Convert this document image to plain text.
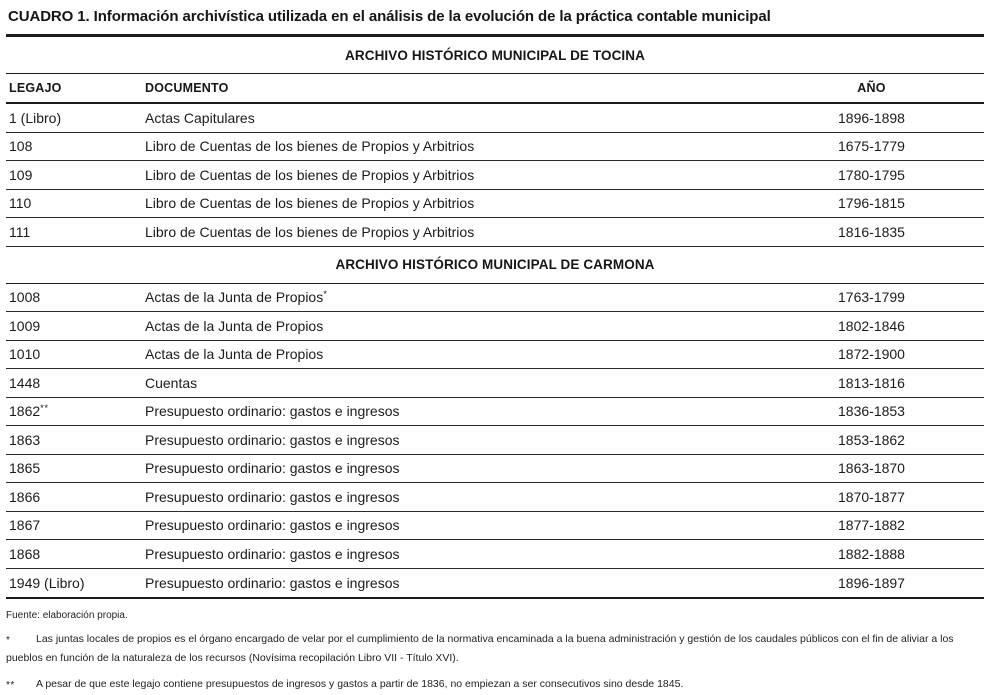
CUADRO 1. Información archivística utilizada en el análisis de la evolución de la práctica contable municipal
ARCHIVO HISTÓRICO MUNICIPAL DE TOCINA
LEGAJO	DOCUMENTO	AÑO
1 (Libro)	Actas Capitulares	1896-1898
108	Libro de Cuentas de los bienes de Propios y Arbitrios	1675-1779
109	Libro de Cuentas de los bienes de Propios y Arbitrios	1780-1795
110	Libro de Cuentas de los bienes de Propios y Arbitrios	1796-1815
111	Libro de Cuentas de los bienes de Propios y Arbitrios	1816-1835
ARCHIVO HISTÓRICO MUNICIPAL DE CARMONA
1008	Actas de la Junta de Propios*	1763-1799
1009	Actas de la Junta de Propios	1802-1846
1010	Actas de la Junta de Propios	1872-1900
1448	Cuentas	1813-1816
1862**	Presupuesto ordinario: gastos e ingresos	1836-1853
1863	Presupuesto ordinario: gastos e ingresos	1853-1862
1865	Presupuesto ordinario: gastos e ingresos	1863-1870
1866	Presupuesto ordinario: gastos e ingresos	1870-1877
1867	Presupuesto ordinario: gastos e ingresos	1877-1882
1868	Presupuesto ordinario: gastos e ingresos	1882-1888
1949 (Libro)	Presupuesto ordinario: gastos e ingresos	1896-1897
Fuente: elaboración propia.

* Las juntas locales de propios es el órgano encargado de velar por el cumplimiento de la normativa encaminada a la buena administración y gestión de los caudales públicos con el fin de aliviar a los pueblos en función de la naturaleza de los recursos (Novísima recopilación Libro VII - Título XVI).

** A pesar de que este legajo contiene presupuestos de ingresos y gastos a partir de 1836, no empiezan a ser consecutivos sino desde 1845.
